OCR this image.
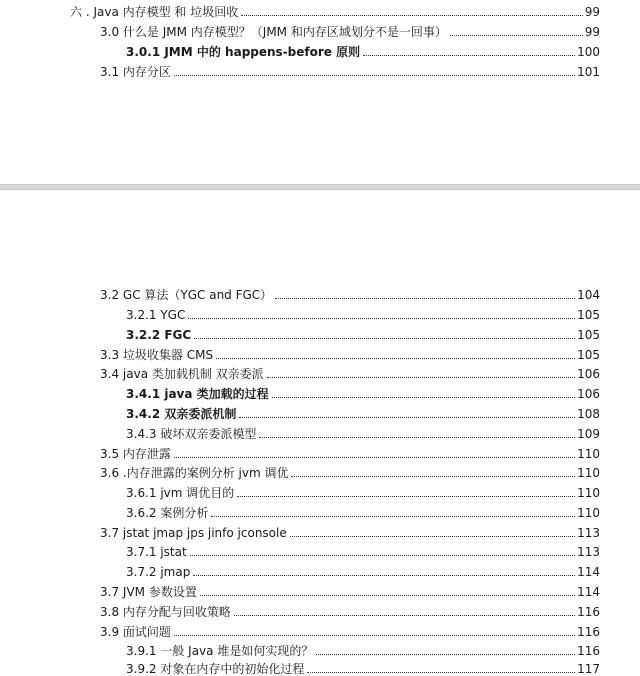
六 . Java 内存模型 和 垃圾回收	99
3.0 什么是 JMM 内存模型？（JMM 和内存区域划分不是一回事）	99
3.0.1 JMM 中的 happens-before 原则	100
3.1 内存分区	101
3.2 GC 算法（YGC and FGC）	104
3.2.1 YGC	105
3.2.2 FGC	105
3.3 垃圾收集器 CMS	105
3.4 java 类加载机制 双亲委派	106
3.4.1 java 类加载的过程	106
3.4.2 双亲委派机制	108
3.4.3 破坏双亲委派模型	109
3.5 内存泄露	110
3.6 .内存泄露的案例分析 jvm 调优	110
3.6.1 jvm 调优目的	110
3.6.2 案例分析	110
3.7 jstat jmap jps jinfo jconsole	113
3.7.1 jstat	113
3.7.2 jmap	114
3.7 JVM 参数设置	114
3.8 内存分配与回收策略	116
3.9 面试问题	116
3.9.1 一般 Java 堆是如何实现的？	116
3.9.2 对象在内存中的初始化过程	117
